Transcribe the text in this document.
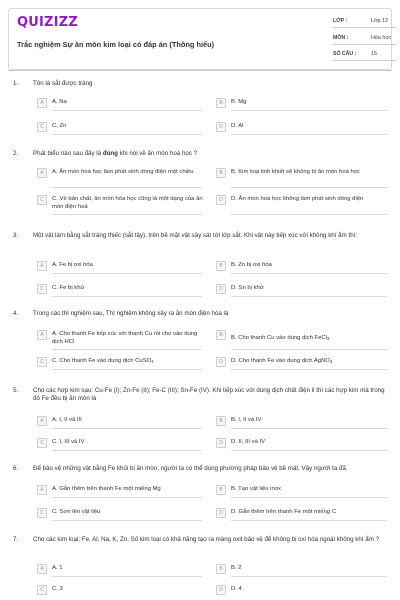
QUIZIZZ
Trắc nghiệm Sự ăn mòn kim loại có đáp án (Thông hiểu)
LỚP :	Lớp 12
MÔN :	Hóa học
SỐ CÂU :	15
1. Tôn là sắt được tráng
A	A. Na	B	B. Mg
C	C. Zn	D	D. Al
2. Phát biểu nào sau đây là đúng khi nói về ăn mòn hoá học ?
A	A. Ăn mòn hoá học làm phát sinh dòng điện một chiều	B	B. Kim loại tinh khiết sẽ không bị ăn mòn hoá học
C	C. Về bản chất, ăn mòn hóa học cũng là một dạng của ăn mòn điện hoá
D	D. Ăn mòn hoá học không làm phát sinh dòng điện
3. Một vật làm bằng sắt tráng thiếc (sắt tây), trên bề mặt vật sây sát tới lớp sắt. Khi vật này tiếp xúc với không khí ẩm thì:
A	A. Fe bị oxi hóa	B	B. Zn bị oxi hóa
C	C. Fe bị khử	D	D. Sn bị khử
4. Trong các thí nghiệm sau, Thí nghiệm không xảy ra ăn mòn điện hóa là
A	A. Cho thanh Fe tiếp xúc với thanh Cu rồi cho vào dung dịch HCl
B	B. Cho thanh Cu vào dung dịch FeCl$_3$
C	C. Cho thanh Fe vào dung dịch CuSO$_4$	D	D. Cho thanh Fe vào dung dịch AgNO$_3$
5. Cho các hợp kim sau: Cu-Fe (I); Zn-Fe (II); Fe-C (III); Sn-Fe (IV). Khi tiếp xúc với dung dịch chất điện li thì các hợp kim mà trong đó Fe đều bị ăn mòn là
A	A. I, II và III	B	B. I, II và IV
C	C. I, III và IV	D	D. II, III và IV
6. Để bảo vệ những vật bằng Fe khỏi bị ăn mòn, người ta có thể dùng phương pháp bảo vệ bề mặt. Vậy người ta đã
A	A. Gắn thêm trên thanh Fe một miếng Mg	B	B. Tạo vật liệu inox
C	C. Sơn lên vật liệu	D	D. Gắn thêm trên thanh Fe một miếng C
7. Cho các kim loại: Fe, Al, Na, K, Zn. Số kim loại có khả năng tạo ra màng oxit bảo vệ để không bị oxi hóa ngoài không khí ẩm ?
A	A. 1	B	B. 2
C	C. 3	D	D. 4
